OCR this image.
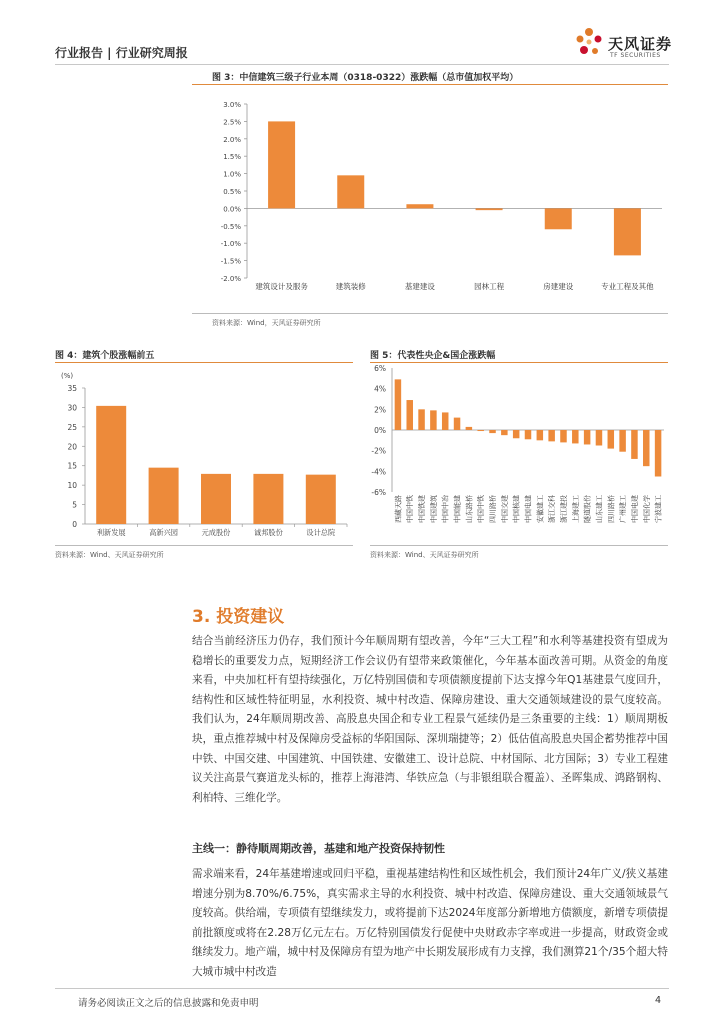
行业报告 | 行业研究周报	天风证券
TF SECURITIES
图 3：中信建筑三级子行业本周（0318-0322）涨跌幅（总市值加权平均）
3.0%
2.5%
2.0%
1.5%
1.0%
0.5%
0.0%
-0.5%
-1.0%
-1.5%
-2.0%
建筑设计及服务	建筑装修	基建建设	园林工程	房建建设	专业工程及其他
资料来源：Wind，天风证券研究所
图 4：建筑个股涨幅前五
(%)
35
30
25
20
15
10
5
0
利新发展	高新兴园	元成股份	诚邦股份	设计总院
资料来源：Wind、天风证券研究所
图 5：代表性央企&国企涨跌幅
6%
4%
2%
0%
-2%
-4%
-6%
西藏天路 中国中铁 中国铁建 中国建筑 中国中冶 中国能建 山东路桥 中国中铁 四川路桥 中国交建 中国核建 中国电建 安徽建工 浙江交科 浙江建投 上海建工 隧道股份 山东建工 四川路桥 广州建工 中国电建 中国化学 宁波建工
资料来源：Wind、天风证券研究所
3. 投资建议
结合当前经济压力仍存，我们预计今年顺周期有望改善，今年“三大工程”和水利等基建投资有望成为稳增长的重要发力点，短期经济工作会议仍有望带来政策催化，今年基本面改善可期。从资金的角度来看，中央加杠杆有望持续强化，万亿特别国债和专项债额度提前下达支撑今年Q1基建景气度回升，结构性和区域性特征明显，水利投资、城中村改造、保障房建设、重大交通领域建设的景气度较高。我们认为，24年顺周期改善、高股息央国企和专业工程景气延续仍是三条重要的主线：1）顺周期板块，重点推荐城中村及保障房受益标的华阳国际、深圳瑞捷等；2）低估值高股息央国企蓄势推荐中国中铁、中国交建、中国建筑、中国铁建、安徽建工、设计总院、中材国际、北方国际；3）专业工程建议关注高景气赛道龙头标的，推荐上海港湾、华铁应急（与非银组联合覆盖）、圣晖集成、鸿路钢构、利柏特、三维化学。
主线一：静待顺周期改善，基建和地产投资保持韧性
需求端来看，24年基建增速或回归平稳，重视基建结构性和区域性机会，我们预计24年广义/狭义基建增速分别为8.70%/6.75%，真实需求主导的水利投资、城中村改造、保障房建设、重大交通领域景气度较高。供给端，专项债有望继续发力，或将提前下达2024年度部分新增地方债额度，新增专项债提前批额度或将在2.28万亿元左右。万亿特别国债发行促使中央财政赤字率或进一步提高，财政资金或继续发力。地产端，城中村及保障房有望为地产中长期发展形成有力支撑，我们测算21个/35个超大特大城市城中村改造
请务必阅读正文之后的信息披露和免责申明	4
